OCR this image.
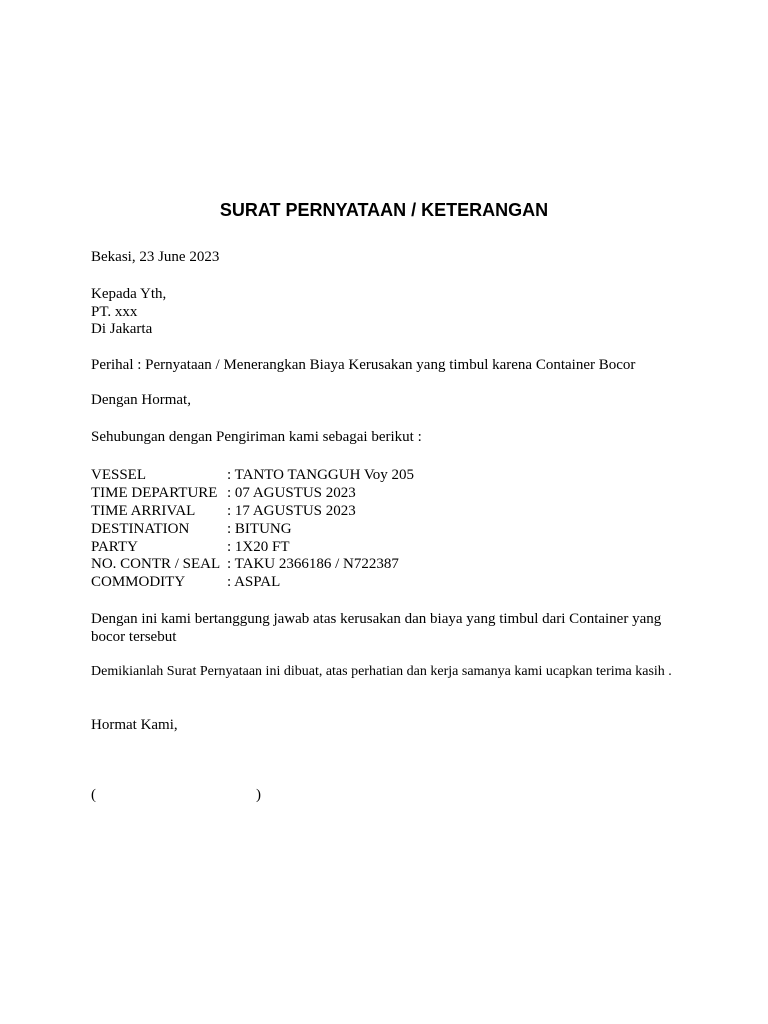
SURAT PERNYATAAN / KETERANGAN
Bekasi, 23 June 2023
Kepada Yth,
PT. xxx
Di Jakarta
Perihal : Pernyataan / Menerangkan Biaya Kerusakan yang timbul karena Container Bocor
Dengan Hormat,
Sehubungan dengan Pengiriman kami sebagai berikut :
VESSEL	: TANTO TANGGUH Voy 205
TIME DEPARTURE : 07 AGUSTUS 2023
TIME ARRIVAL	: 17 AGUSTUS 2023
DESTINATION	: BITUNG
PARTY	: 1X20 FT
NO. CONTR / SEAL : TAKU 2366186 / N722387
COMMODITY	: ASPAL
Dengan ini kami bertanggung jawab atas kerusakan dan biaya yang timbul dari Container yang bocor tersebut
Demikianlah Surat Pernyataan ini dibuat, atas perhatian dan kerja samanya kami ucapkan terima kasih .
Hormat Kami,
(	)
